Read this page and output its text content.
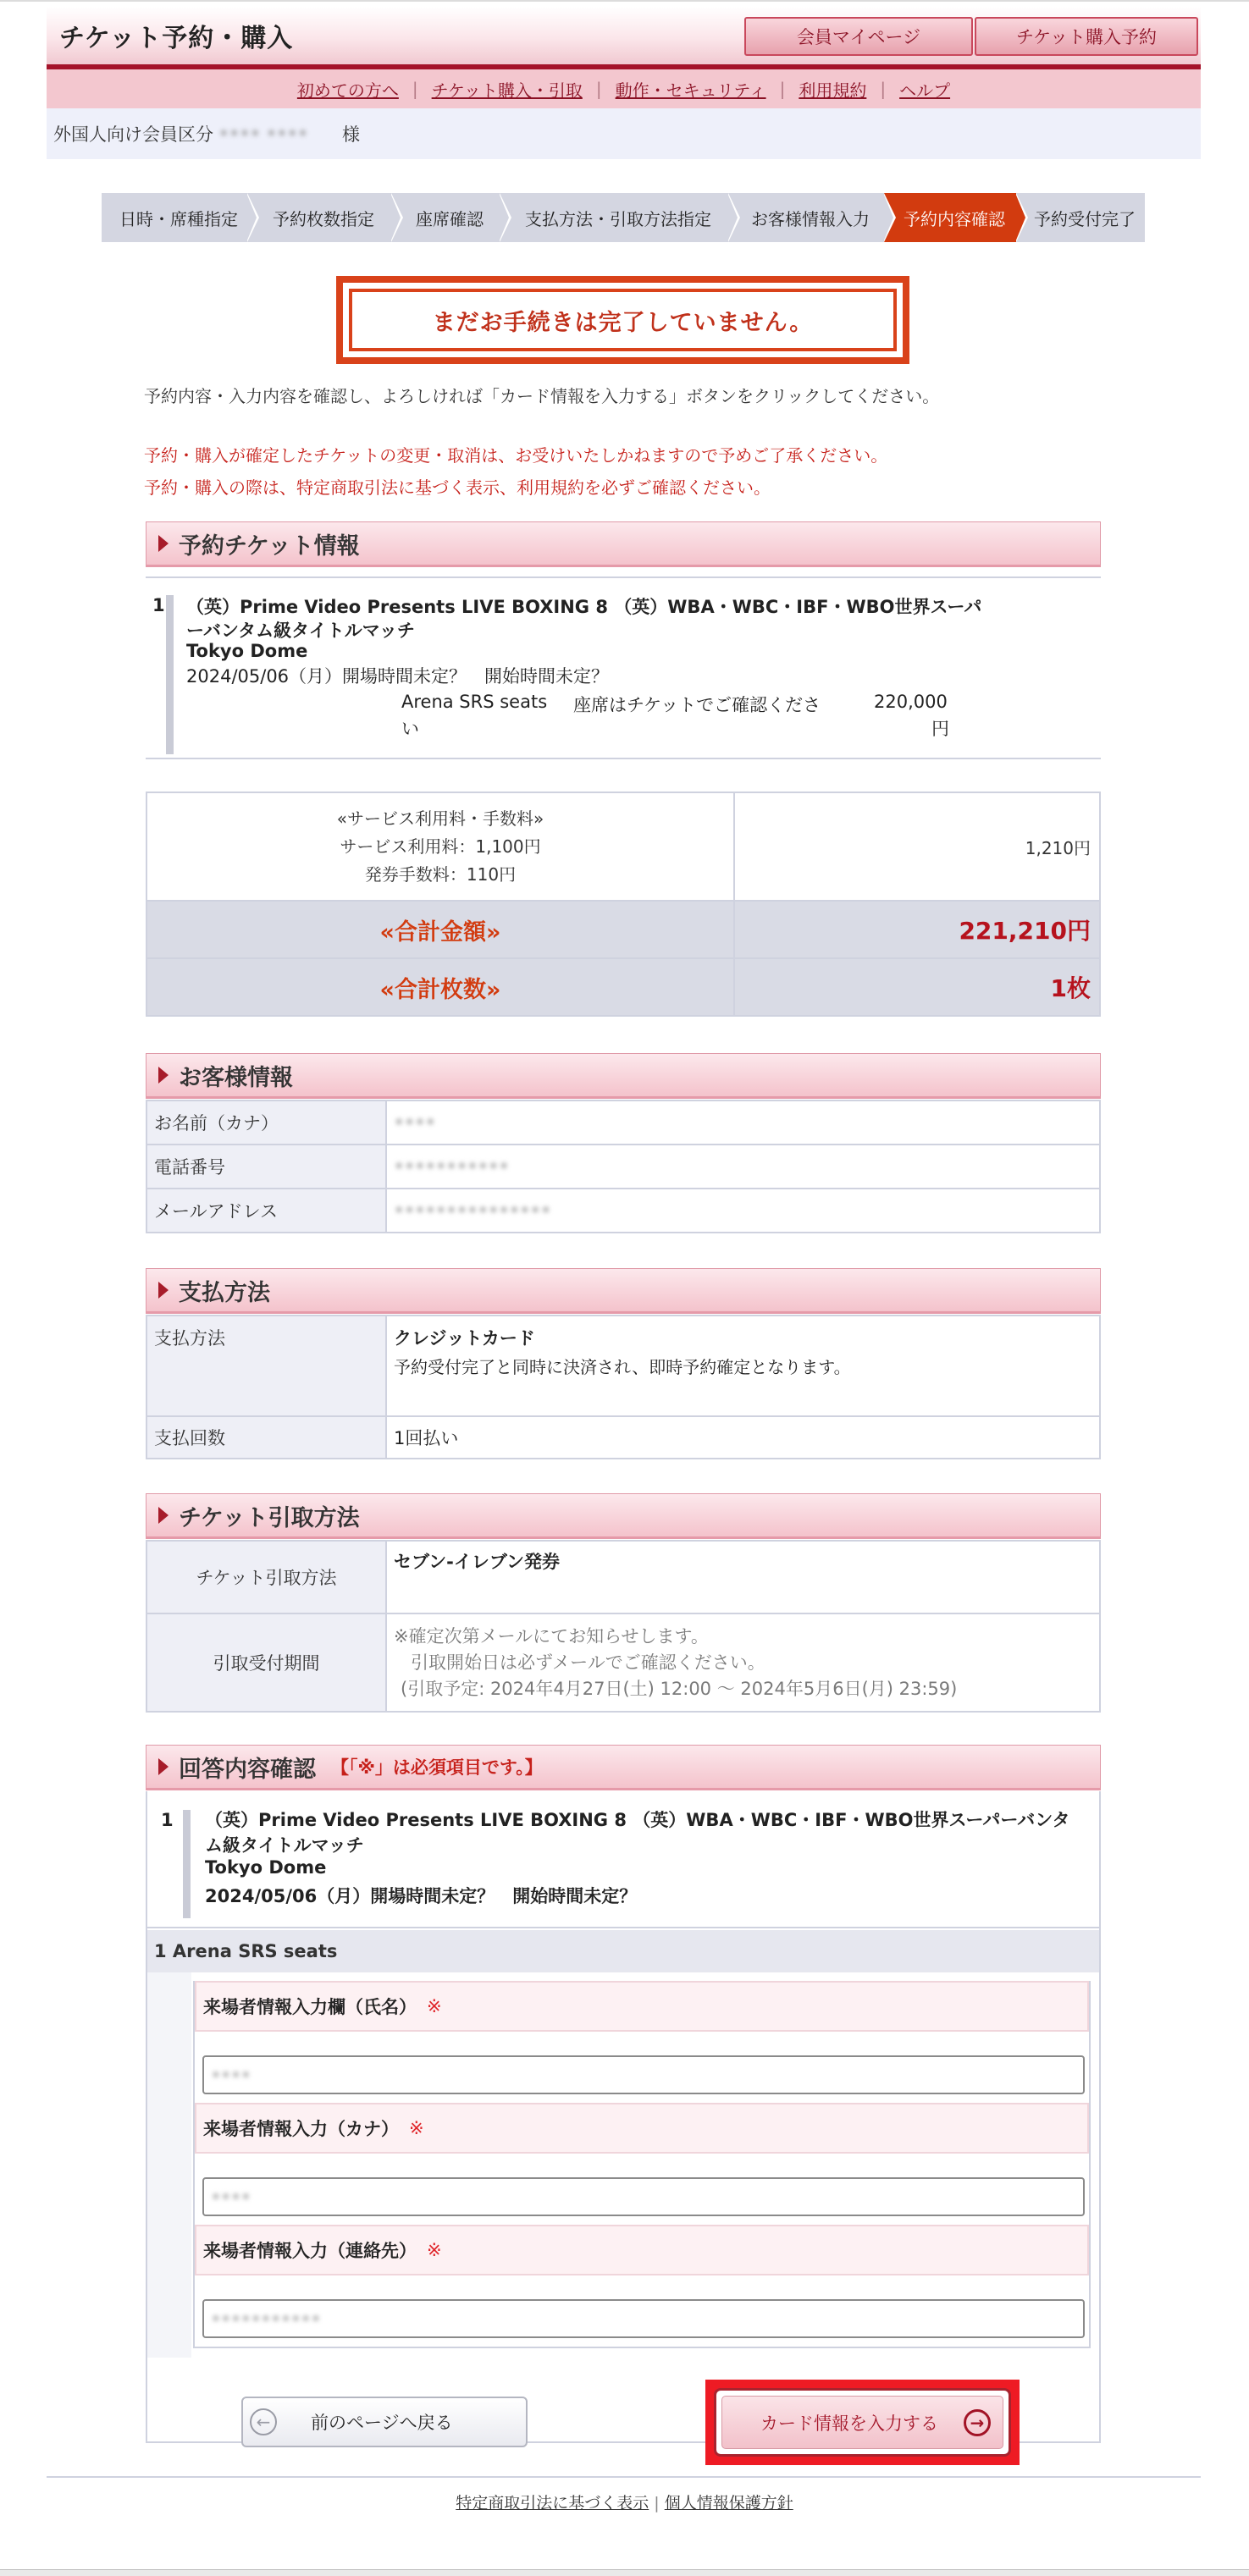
チケット予約・購入	会員マイページ	チケット購入予約
初めての方へ | チケット購入・引取 | 動作・セキュリティ | 利用規約 | ヘルプ
外国人向け会員区分 •••• ••••	様
日時・席種指定	予約枚数指定	座席確認	支払方法・引取方法指定	お客様情報入力	予約内容確認	予約受付完了
まだお手続きは完了していません。
予約内容・入力内容を確認し、よろしければ「カード情報を入力する」ボタンをクリックしてください。
予約・購入が確定したチケットの変更・取消は、お受けいたしかねますので予めご了承ください。
予約・購入の際は、特定商取引法に基づく表示、利用規約を必ずご確認ください。
予約チケット情報
1 （英）Prime Video Presents LIVE BOXING 8 （英）WBA・WBC・IBF・WBO世界スーパ
ーバンタム級タイトルマッチ
Tokyo Dome
2024/05/06（月）開場時間未定？　開始時間未定？
Arena SRS seats 座席はチケットでご確認くださ
い
220,000
円
«サービス利用料・手数料»
サービス利用料：1,100円
発券手数料：110円	1,210円
«合計金額»	221,210円
«合計枚数»	1枚
お客様情報
お名前（カナ）	••••
電話番号	•••••••••••
メールアドレス	•••••••••••••••
支払方法
支払方法	クレジットカード
予約受付完了と同時に決済され、即時予約確定となります。

支払回数	1回払い
チケット引取方法
チケット引取方法	セブン-イレブン発券
引取受付期間	※確定次第メールにてお知らせします。
引取開始日は必ずメールでご確認ください。
(引取予定: 2024年4月27日(土) 12:00 〜 2024年5月6日(月) 23:59)
回答内容確認 【「※」は必須項目です。】
1 （英）Prime Video Presents LIVE BOXING 8 （英）WBA・WBC・IBF・WBO世界スーパーバンタ
ム級タイトルマッチ
Tokyo Dome
2024/05/06（月）開場時間未定？　開始時間未定？
1 Arena SRS seats
来場者情報入力欄（氏名） ※
••••
来場者情報入力（カナ） ※
••••
来場者情報入力（連絡先） ※
•••••••••••
←	前のページへ戻る	カード情報を入力する	→
特定商取引法に基づく表示 | 個人情報保護方針
